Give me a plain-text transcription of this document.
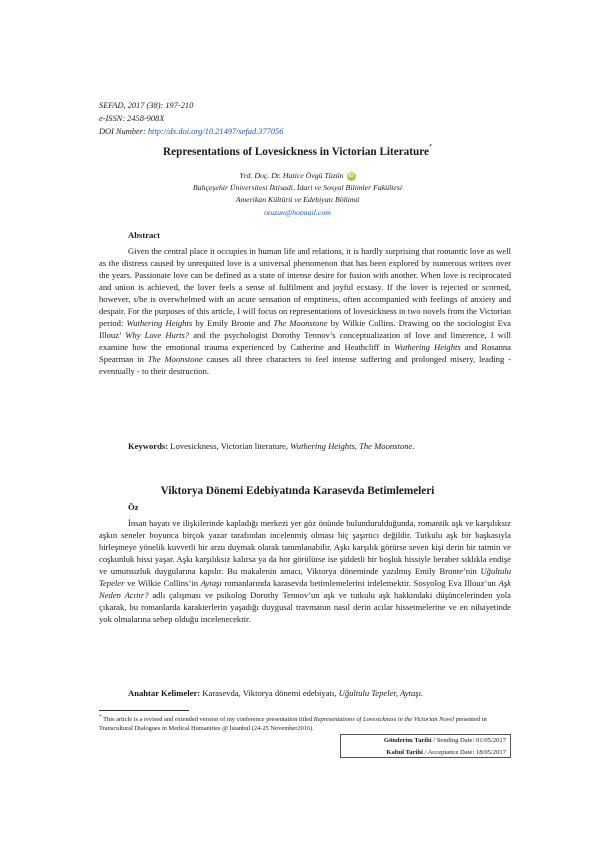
SEFAD, 2017 (38): 197-210
e-ISSN: 2458-908X
DOI Number: http://dx.doi.org/10.21497/sefad.377056
Representations of Lovesickness in Victorian Literature*
Yrd. Doç. Dr. Hatice Övgü Tüzün iD
Bahçeşehir Üniversitesi İktisadi, İdari ve Sosyal Bilimler Fakültesi
Amerikan Kültürü ve Edebiyatı Bölümü
otuzun@hotmail.com
Abstract
Given the central place it occupies in human life and relations, it is hardly surprising that romantic love as well as the distress caused by unrequited love is a universal phenomenon that has been explored by numerous writers over the years. Passionate love can be defined as a state of intense desire for fusion with another. When love is reciprocated and union is achieved, the lover feels a sense of fulfilment and joyful ecstasy. If the lover is rejected or scorned, however, s/he is overwhelmed with an acute sensation of emptiness, often accompanied with feelings of anxiety and despair. For the purposes of this article, I will focus on representations of lovesickness in two novels from the Victorian period: Wuthering Heights by Emily Bronte and The Moonstone by Wilkie Collins. Drawing on the sociologist Eva Illouz’ Why Love Hurts? and the psychologist Dorothy Tennov’s conceptualization of love and limerence, I will examine how the emotional trauma experienced by Catherine and Heathcliff in Wuthering Heights and Rosanna Spearman in The Moonstone causes all three characters to feel intense suffering and prolonged misery, leading - eventually - to their destruction.
Keywords: Lovesickness, Victorian literature, Wuthering Heights, The Moonstone.
Viktorya Dönemi Edebiyatında Karasevda Betimlemeleri
Öz
İnsan hayatı ve ilişkilerinde kapladığı merkezi yer göz önünde bulundurulduğunda, romantik aşk ve karşılıksız aşkın seneler boyunca birçok yazar tarafından incelenmiş olması hiç şaşırtıcı değildir. Tutkulu aşk bir başkasıyla birleşmeye yönelik kuvvetli bir arzu duymak olarak tanımlanabilir. Aşkı karşılık görürse seven kişi derin bir tatmin ve coşkunluk hissi yaşar. Aşkı karşılıksız kalırsa ya da hor görülürse ise şiddetli bir boşluk hissiyle beraber sıklıkla endişe ve umutsuzluk duygularına kapılır. Bu makalenin amacı, Viktorya döneminde yazılmış Emily Bronte’nin Uğultulu Tepeler ve Wilkie Collins’in Aytaşı romanlarında karasevda betimlemelerini irdelemektir. Sosyolog Eva Illouz’un Aşk Neden Acıtır? adlı çalışması ve psikolog Dorothy Tennov’un aşk ve tutkulu aşk hakkındaki düşüncelerinden yola çıkarak, bu romanlarda karakterlerin yaşadığı duygusal travmanın nasıl derin acılar hissetmelerine ve en nihayetinde yok olmalarına sebep olduğu incelenecektir.
Anahtar Kelimeler: Karasevda, Viktorya dönemi edebiyatı, Uğultulu Tepeler, Aytaşı.
* This article is a revised and extended version of my conference presentation titled Representations of Lovesickness in the Victorian Novel presented in Transcultural Dialogues in Medical Humanities @ İstanbul (24-25 November2016).
Gönderim Tarihi / Sending Date: 01/05/2017
Kabul Tarihi / Acceptance Date: 18/05/2017
